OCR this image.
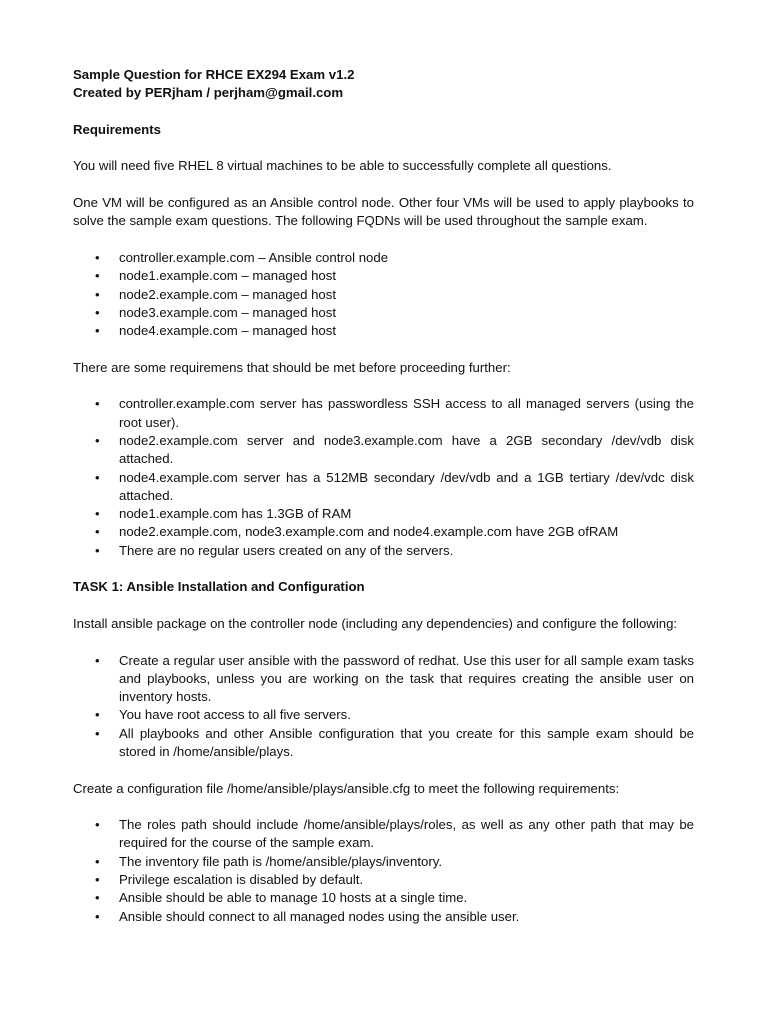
Sample Question for RHCE EX294 Exam v1.2

Created by PERjham / perjham@gmail.com

Requirements

You will need five RHEL 8 virtual machines to be able to successfully complete all questions.

One VM will be configured as an Ansible control node. Other four VMs will be used to apply playbooks to solve the sample exam questions. The following FQDNs will be used throughout the sample exam.

• controller.example.com – Ansible control node
• node1.example.com – managed host
• node2.example.com – managed host
• node3.example.com – managed host
• node4.example.com – managed host

There are some requiremens that should be met before proceeding further:

• controller.example.com server has passwordless SSH access to all managed servers (using the root user).
• node2.example.com server and node3.example.com have a 2GB secondary /dev/vdb disk attached.
• node4.example.com server has a 512MB secondary /dev/vdb and a 1GB tertiary /dev/vdc disk attached.
• node1.example.com has 1.3GB of RAM
• node2.example.com, node3.example.com and node4.example.com have 2GB ofRAM
• There are no regular users created on any of the servers.

TASK 1: Ansible Installation and Configuration

Install ansible package on the controller node (including any dependencies) and configure the following:

• Create a regular user ansible with the password of redhat. Use this user for all sample exam tasks and playbooks, unless you are working on the task that requires creating the ansible user on inventory hosts.
• You have root access to all five servers.
• All playbooks and other Ansible configuration that you create for this sample exam should be stored in /home/ansible/plays.

Create a configuration file /home/ansible/plays/ansible.cfg to meet the following requirements:

• The roles path should include /home/ansible/plays/roles, as well as any other path that may be required for the course of the sample exam.
• The inventory file path is /home/ansible/plays/inventory.
• Privilege escalation is disabled by default.
• Ansible should be able to manage 10 hosts at a single time.
• Ansible should connect to all managed nodes using the ansible user.
